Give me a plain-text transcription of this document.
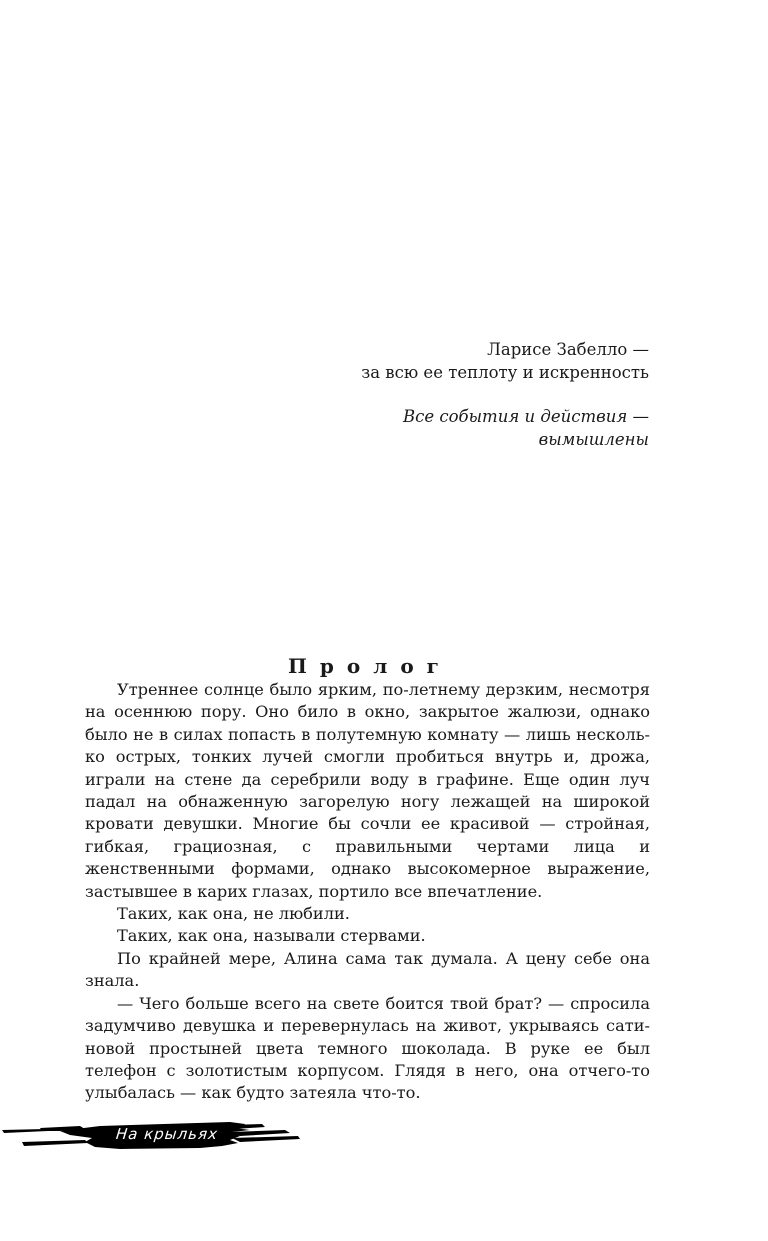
Ларисе Забелло —
за всю ее теплоту и искренность
Все события и действия —
вымышлены
Пролог

Утреннее солнце было ярким, по-летнему дерзким, несмотря на осеннюю пору. Оно било в окно, закрытое жалюзи, однако было не в силах попасть в полутемную комнату — лишь несколько острых, тонких лучей смогли пробиться внутрь и, дрожа, играли на стене да серебрили воду в графине. Еще один луч падал на обнаженную загорелую ногу лежащей на широкой кровати девушки. Многие бы сочли ее красивой — стройная, гибкая, грациозная, с правильными чертами лица и женственными формами, однако высокомерное выражение, застывшее в карих глазах, портило все впечатление.

Таких, как она, не любили.

Таких, как она, называли стервами.

По крайней мере, Алина сама так думала. А цену себе она знала.

— Чего больше всего на свете боится твой брат? — спросила задумчиво девушка и перевернулась на живот, укрываясь сатиновой простыней цвета темного шоколада. В руке ее был телефон с золотистым корпусом. Глядя в него, она отчего-то улыбалась — как будто затеяла что-то.

На крыльях
